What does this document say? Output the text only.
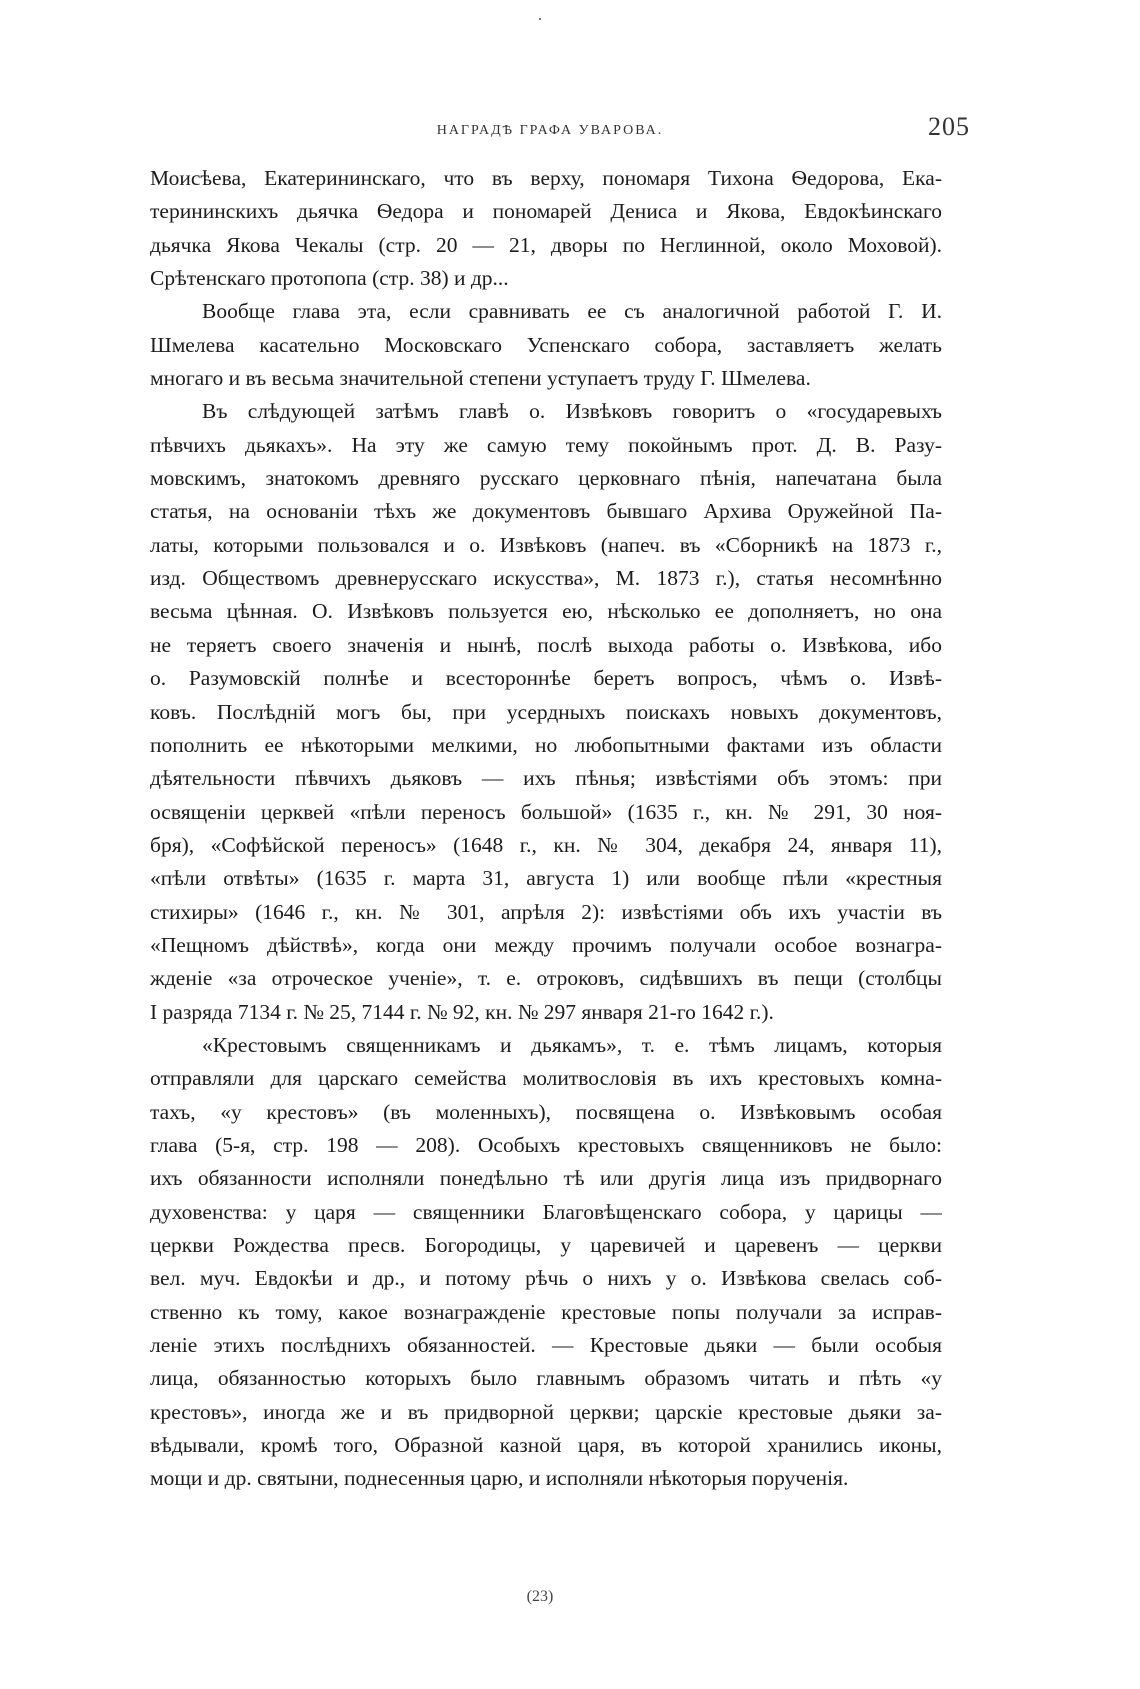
НАГРАДѢ ГРАФА УВАРОВА.	205
Моисѣева, Екатерининскаго, что въ верху, пономаря Тихона Ѳедорова, Ека-
терининскихъ дьячка Ѳедора и пономарей Дениса и Якова, Евдокѣинскаго
дьячка Якова Чекалы (стр. 20 — 21, дворы по Неглинной, около Моховой).
Срѣтенскаго протопопа (стр. 38) и др...
Вообще глава эта, если сравнивать ее съ аналогичной работой Г. И.
Шмелева касательно Московскаго Успенскаго собора, заставляетъ желать
многаго и въ весьма значительной степени уступаетъ труду Г. Шмелева.
Въ слѣдующей затѣмъ главѣ о. Извѣковъ говоритъ о «государевыхъ
пѣвчихъ дьякахъ». На эту же самую тему покойнымъ прот. Д. В. Разу-
мовскимъ, знатокомъ древняго русскаго церковнаго пѣнія, напечатана была
статья, на основаніи тѣхъ же документовъ бывшаго Архива Оружейной Па-
латы, которыми пользовался и о. Извѣковъ (напеч. въ «Сборникѣ на 1873 г.,
изд. Обществомъ древнерусскаго искусства», М. 1873 г.), статья несомнѣнно
весьма цѣнная. О. Извѣковъ пользуется ею, нѣсколько ее дополняетъ, но она
не теряетъ своего значенія и нынѣ, послѣ выхода работы о. Извѣкова, ибо
о. Разумовскій полнѣе и всестороннѣе беретъ вопросъ, чѣмъ о. Извѣ-
ковъ. Послѣдній могъ бы, при усердныхъ поискахъ новыхъ документовъ,
пополнить ее нѣкоторыми мелкими, но любопытными фактами изъ области
дѣятельности пѣвчихъ дьяковъ — ихъ пѣнья; извѣстіями объ этомъ: при
освященіи церквей «пѣли переносъ большой» (1635 г., кн. № 291, 30 ноя-
бря), «Софѣйской переносъ» (1648 г., кн. № 304, декабря 24, января 11),
«пѣли отвѣты» (1635 г. марта 31, августа 1) или вообще пѣли «крестныя
стихиры» (1646 г., кн. № 301, апрѣля 2): извѣстіями объ ихъ участіи въ
«Пещномъ дѣйствѣ», когда они между прочимъ получали особое вознагра-
жденіе «за отроческое ученіе», т. е. отроковъ, сидѣвшихъ въ пещи (столбцы
I разряда 7134 г. № 25, 7144 г. № 92, кн. № 297 января 21-го 1642 г.).
«Крестовымъ священникамъ и дьякамъ», т. е. тѣмъ лицамъ, которыя
отправляли для царскаго семейства молитвословія въ ихъ крестовыхъ комна-
тахъ, «у крестовъ» (въ моленныхъ), посвящена о. Извѣковымъ особая
глава (5-я, стр. 198 — 208). Особыхъ крестовыхъ священниковъ не было:
ихъ обязанности исполняли понедѣльно тѣ или другія лица изъ придворнаго
духовенства: у царя — священники Благовѣщенскаго собора, у царицы —
церкви Рождества пресв. Богородицы, у царевичей и царевенъ — церкви
вел. муч. Евдокѣи и др., и потому рѣчь о нихъ у о. Извѣкова свелась соб-
ственно къ тому, какое вознагражденіе крестовые попы получали за исправ-
леніе этихъ послѣднихъ обязанностей. — Крестовые дьяки — были особыя
лица, обязанностью которыхъ было главнымъ образомъ читать и пѣть «у
крестовъ», иногда же и въ придворной церкви; царскіе крестовые дьяки за-
вѣдывали, кромѣ того, Образной казной царя, въ которой хранились иконы,
мощи и др. святыни, поднесенныя царю, и исполняли нѣкоторыя порученія.
(23)
